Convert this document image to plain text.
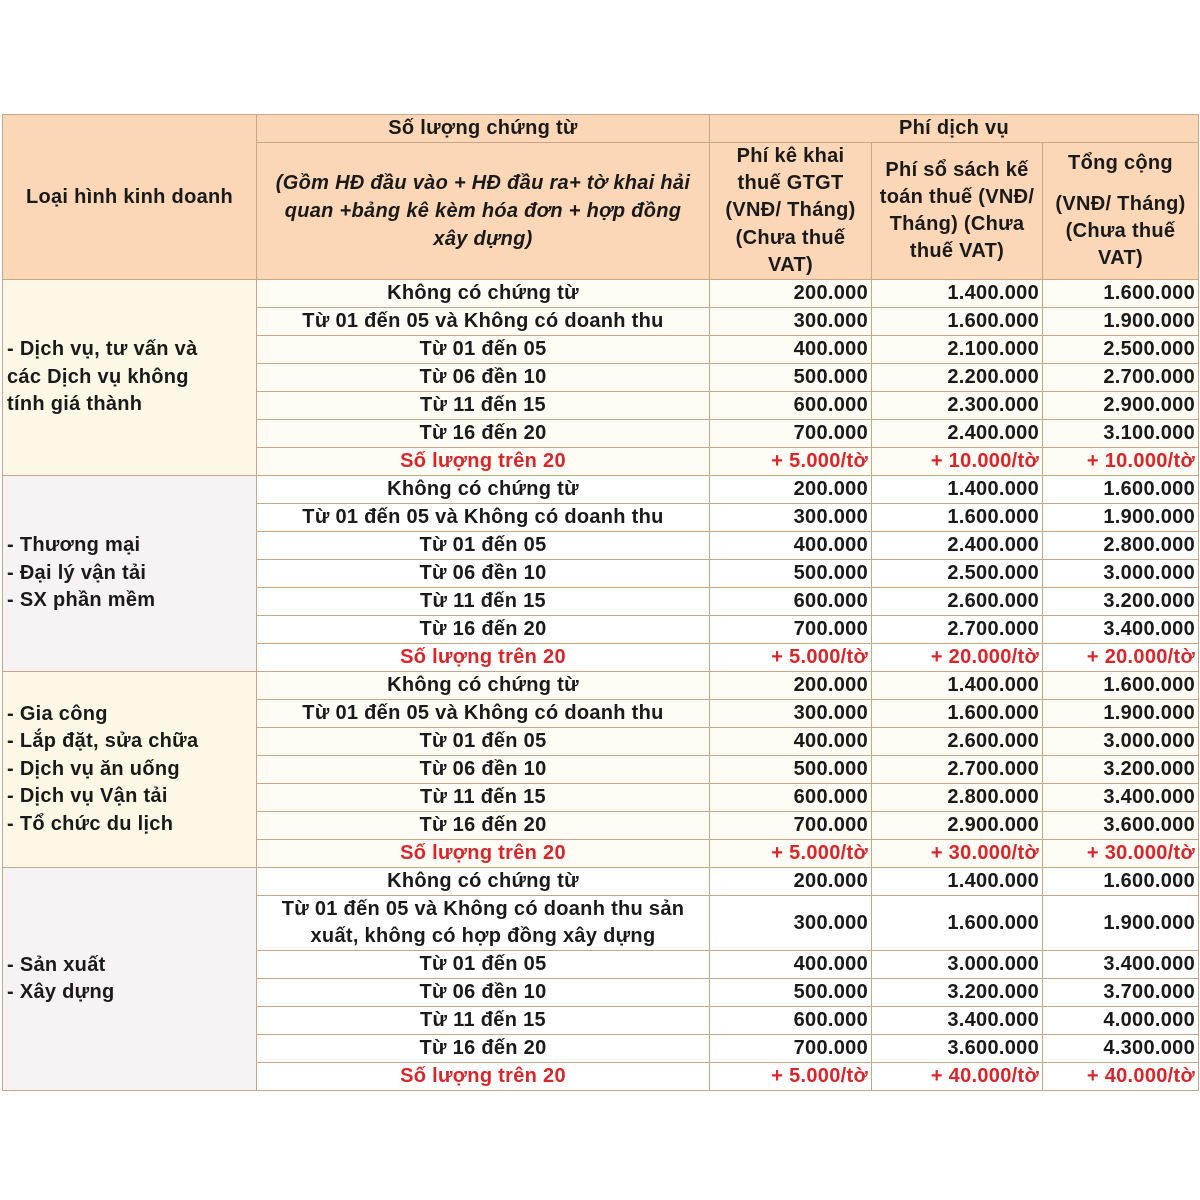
Loại hình kinh doanh	Số lượng chứng từ	Phí dịch vụ		
	(Gồm HĐ đầu vào + HĐ đầu ra+ tờ khai hải quan +bảng kê kèm hóa đơn + hợp đồng xây dựng)	Phí kê khai thuế GTGT (VNĐ/ Tháng) (Chưa thuế VAT)	Phí sổ sách kế toán thuế (VNĐ/ Tháng) (Chưa thuế VAT)	Tổng cộng
(VNĐ/ Tháng) (Chưa thuế VAT)

- Dịch vụ, tư vấn và
các Dịch vụ không
tính giá thành	Không có chứng từ	200.000	1.400.000	1.600.000
	Từ 01 đến 05 và Không có doanh thu	300.000	1.600.000	1.900.000
	Từ 01 đến 05	400.000	2.100.000	2.500.000
	Từ 06 đền 10	500.000	2.200.000	2.700.000
	Từ 11 đến 15	600.000	2.300.000	2.900.000
	Từ 16 đến 20	700.000	2.400.000	3.100.000
	Số lượng trên 20	+ 5.000/tờ	+ 10.000/tờ	+ 10.000/tờ

- Thương mại
- Đại lý vận tải
- SX phần mềm	Không có chứng từ	200.000	1.400.000	1.600.000
	Từ 01 đến 05 và Không có doanh thu	300.000	1.600.000	1.900.000
	Từ 01 đến 05	400.000	2.400.000	2.800.000
	Từ 06 đền 10	500.000	2.500.000	3.000.000
	Từ 11 đến 15	600.000	2.600.000	3.200.000
	Từ 16 đến 20	700.000	2.700.000	3.400.000
	Số lượng trên 20	+ 5.000/tờ	+ 20.000/tờ	+ 20.000/tờ

- Gia công
- Lắp đặt, sửa chữa
- Dịch vụ ăn uống
- Dịch vụ Vận tải
- Tổ chức du lịch	Không có chứng từ	200.000	1.400.000	1.600.000
	Từ 01 đến 05 và Không có doanh thu	300.000	1.600.000	1.900.000
	Từ 01 đến 05	400.000	2.600.000	3.000.000
	Từ 06 đền 10	500.000	2.700.000	3.200.000
	Từ 11 đến 15	600.000	2.800.000	3.400.000
	Từ 16 đến 20	700.000	2.900.000	3.600.000
	Số lượng trên 20	+ 5.000/tờ	+ 30.000/tờ	+ 30.000/tờ

- Sản xuất
- Xây dựng	Không có chứng từ	200.000	1.400.000	1.600.000
	Từ 01 đến 05 và Không có doanh thu sản xuất, không có hợp đồng xây dựng	300.000	1.600.000	1.900.000
	Từ 01 đến 05	400.000	3.000.000	3.400.000
	Từ 06 đền 10	500.000	3.200.000	3.700.000
	Từ 11 đến 15	600.000	3.400.000	4.000.000
	Từ 16 đến 20	700.000	3.600.000	4.300.000
	Số lượng trên 20	+ 5.000/tờ	+ 40.000/tờ	+ 40.000/tờ
